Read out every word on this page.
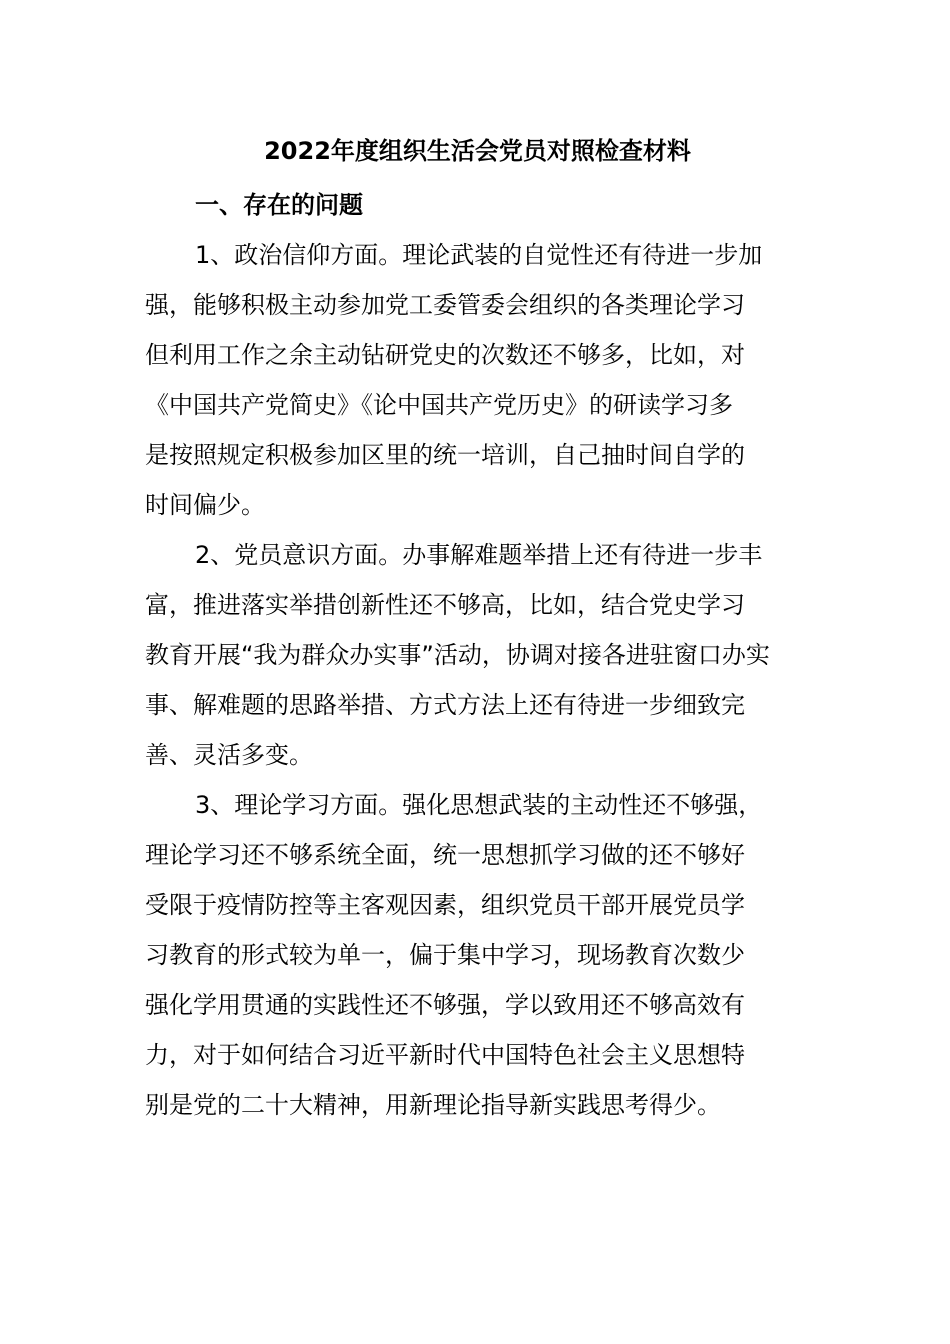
2022年度组织生活会党员对照检查材料
一、存在的问题
1、政治信仰方面。理论武装的自觉性还有待进一步加
强，能够积极主动参加党工委管委会组织的各类理论学习
但利用工作之余主动钻研党史的次数还不够多，比如，对
《中国共产党简史》《论中国共产党历史》的研读学习多
是按照规定积极参加区里的统一培训，自己抽时间自学的
时间偏少。
2、党员意识方面。办事解难题举措上还有待进一步丰
富，推进落实举措创新性还不够高，比如，结合党史学习
教育开展“我为群众办实事”活动，协调对接各进驻窗口办实
事、解难题的思路举措、方式方法上还有待进一步细致完
善、灵活多变。
3、理论学习方面。强化思想武装的主动性还不够强，
理论学习还不够系统全面，统一思想抓学习做的还不够好
受限于疫情防控等主客观因素，组织党员干部开展党员学
习教育的形式较为单一，偏于集中学习，现场教育次数少
强化学用贯通的实践性还不够强，学以致用还不够高效有
力，对于如何结合习近平新时代中国特色社会主义思想特
别是党的二十大精神，用新理论指导新实践思考得少。
